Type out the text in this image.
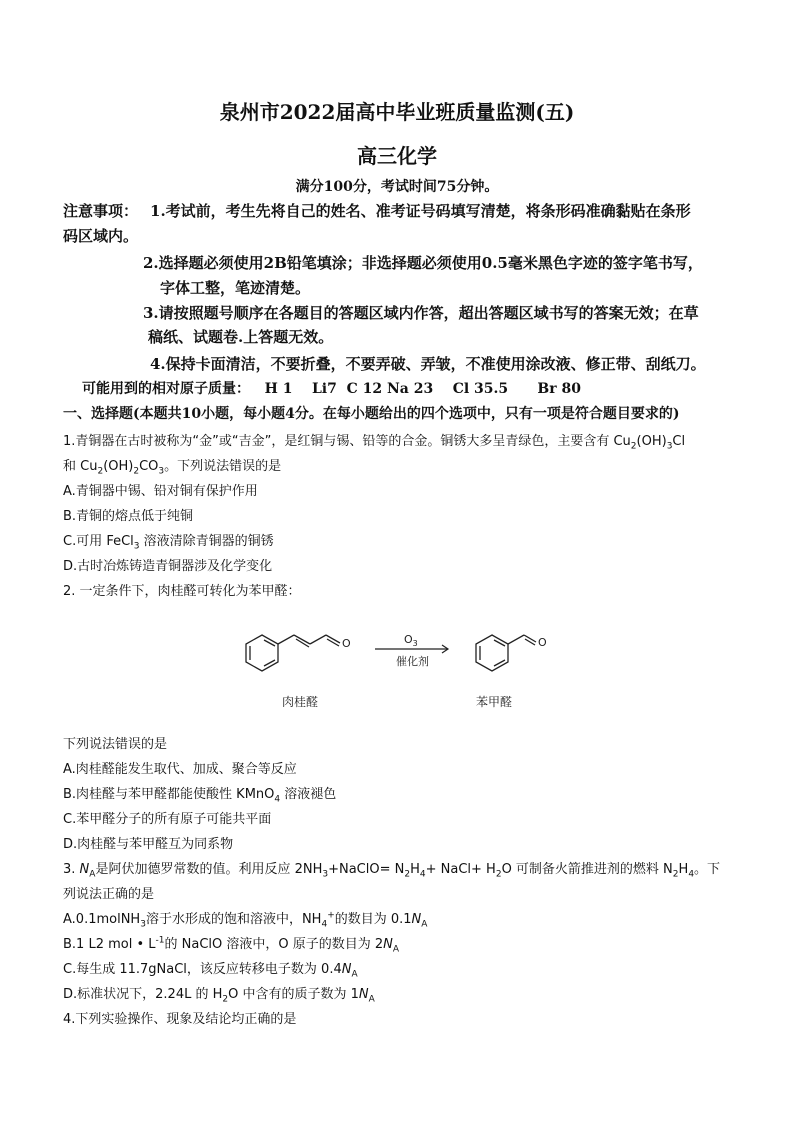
泉州市2022届高中毕业班质量监测(五)
高三化学
满分100分，考试时间75分钟。
注意事项： 1.考试前，考生先将自己的姓名、准考证号码填写清楚，将条形码准确黏贴在条形
码区域内。
2.选择题必须使用2B铅笔填涂；非选择题必须使用0.5毫米黑色字迹的签字笔书写，
字体工整，笔迹清楚。
3.请按照题号顺序在各题目的答题区域内作答，超出答题区域书写的答案无效；在草
稿纸、试题卷.上答题无效。
4.保持卡面清洁，不要折叠，不要弄破、弄皱，不准使用涂改液、修正带、刮纸刀。
可能用到的相对原子质量：   H 1    Li7  C 12 Na 23    Cl 35.5      Br 80
一、选择题(本题共10小题，每小题4分。在每小题给出的四个选项中，只有一项是符合题目要求的)
1.青铜器在古时被称为“金”或“吉金”，是红铜与锡、铅等的合金。铜锈大多呈青绿色，主要含有 $Cu_2(OH)_3Cl$
和 $Cu_2(OH)_2CO_3$。下列说法错误的是
A.青铜器中锡、铅对铜有保护作用
B.青铜的熔点低于纯铜
C.可用 FeCl$_3$ 溶液清除青铜器的铜锈
D.古时冶炼铸造青铜器涉及化学变化
2. 一定条件下，肉桂醛可转化为苯甲醛：
O	$O_3$
催化剂
O
肉桂醛	苯甲醛
下列说法错误的是
A.肉桂醛能发生取代、加成、聚合等反应
B.肉桂醛与苯甲醛都能使酸性 KMnO$_4$ 溶液褪色
C.苯甲醛分子的所有原子可能共平面
D.肉桂醛与苯甲醛互为同系物
3. $N_A$是阿伏加德罗常数的值。利用反应 $2NH_3+NaClO= N_2H_4+$ NaCl+ $H_2O$ 可制备火箭推进剂的燃料 $N_2H_4$。下
列说法正确的是
A.0.1molNH$_3$溶于水形成的饱和溶液中，$NH_4^+$的数目为 $0.1N_A$
B.1 L2 mol • $L^{-1}$的 NaClO 溶液中，O 原子的数目为 $2N_A$
C.每生成 11.7gNaCl，该反应转移电子数为 $0.4N_A$
D.标准状况下，2.24L 的 $H_2O$ 中含有的质子数为 $1N_A$
4.下列实验操作、现象及结论均正确的是
